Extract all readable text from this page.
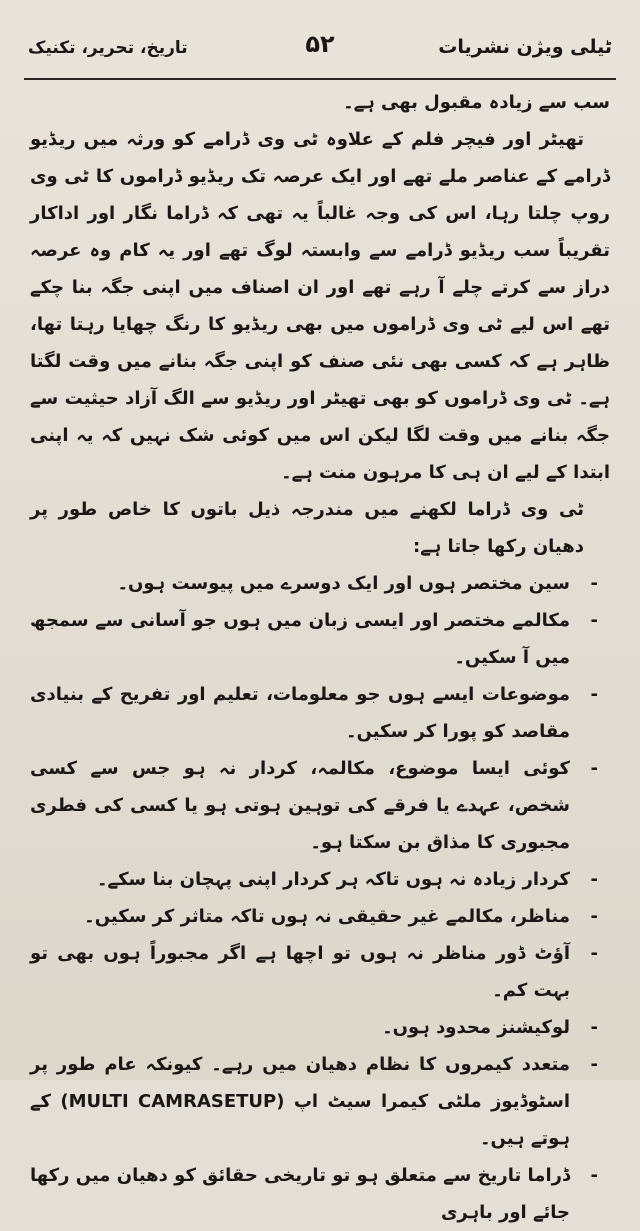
تاریخ، تحریر، تکنیک	۵۲	ٹیلی ویژن نشریات

سب سے زیادہ مقبول بھی ہے۔

تھیٹر اور فیچر فلم کے علاوہ ٹی وی ڈرامے کو ورثہ میں ریڈیو ڈرامے کے عناصر ملے تھے اور ایک عرصہ تک ریڈیو ڈراموں کا ٹی وی روپ چلتا رہا، اس کی وجہ غالباً یہ تھی کہ ڈراما نگار اور اداکار تقریباً سب ریڈیو ڈرامے سے وابستہ لوگ تھے اور یہ کام وہ عرصہ دراز سے کرتے چلے آ رہے تھے اور ان اصناف میں اپنی جگہ بنا چکے تھے اس لیے ٹی وی ڈراموں میں بھی ریڈیو کا رنگ چھایا رہتا تھا، ظاہر ہے کہ کسی بھی نئی صنف کو اپنی جگہ بنانے میں وقت لگتا ہے۔ ٹی وی ڈراموں کو بھی تھیٹر اور ریڈیو سے الگ آزاد حیثیت سے جگہ بنانے میں وقت لگا لیکن اس میں کوئی شک نہیں کہ یہ اپنی ابتدا کے لیے ان ہی کا مرہون منت ہے۔

ٹی وی ڈراما لکھنے میں مندرجہ ذیل باتوں کا خاص طور پر دھیان رکھا جاتا ہے:

-
سین مختصر ہوں اور ایک دوسرے میں پیوست ہوں۔
-
مکالمے مختصر اور ایسی زبان میں ہوں جو آسانی سے سمجھ میں آ سکیں۔
-
موضوعات ایسے ہوں جو معلومات، تعلیم اور تفریح کے بنیادی مقاصد کو پورا کر سکیں۔
-
کوئی ایسا موضوع، مکالمہ، کردار نہ ہو جس سے کسی شخص، عہدے یا فرقے کی توہین ہوتی ہو یا کسی کی فطری مجبوری کا مذاق بن سکتا ہو۔
-
کردار زیادہ نہ ہوں تاکہ ہر کردار اپنی پہچان بنا سکے۔
-
مناظر، مکالمے غیر حقیقی نہ ہوں تاکہ متاثر کر سکیں۔
-
آؤٹ ڈور مناظر نہ ہوں تو اچھا ہے اگر مجبوراً ہوں بھی تو بہت کم۔
-
لوکیشنز محدود ہوں۔
-
متعدد کیمروں کا نظام دھیان میں رہے۔ کیونکہ عام طور پر اسٹوڈیوز ملٹی کیمرا سیٹ اپ (MULTI CAMRASETUP) کے ہوتے ہیں۔
-
ڈراما تاریخ سے متعلق ہو تو تاریخی حقائق کو دھیان میں رکھا جائے اور باہری
